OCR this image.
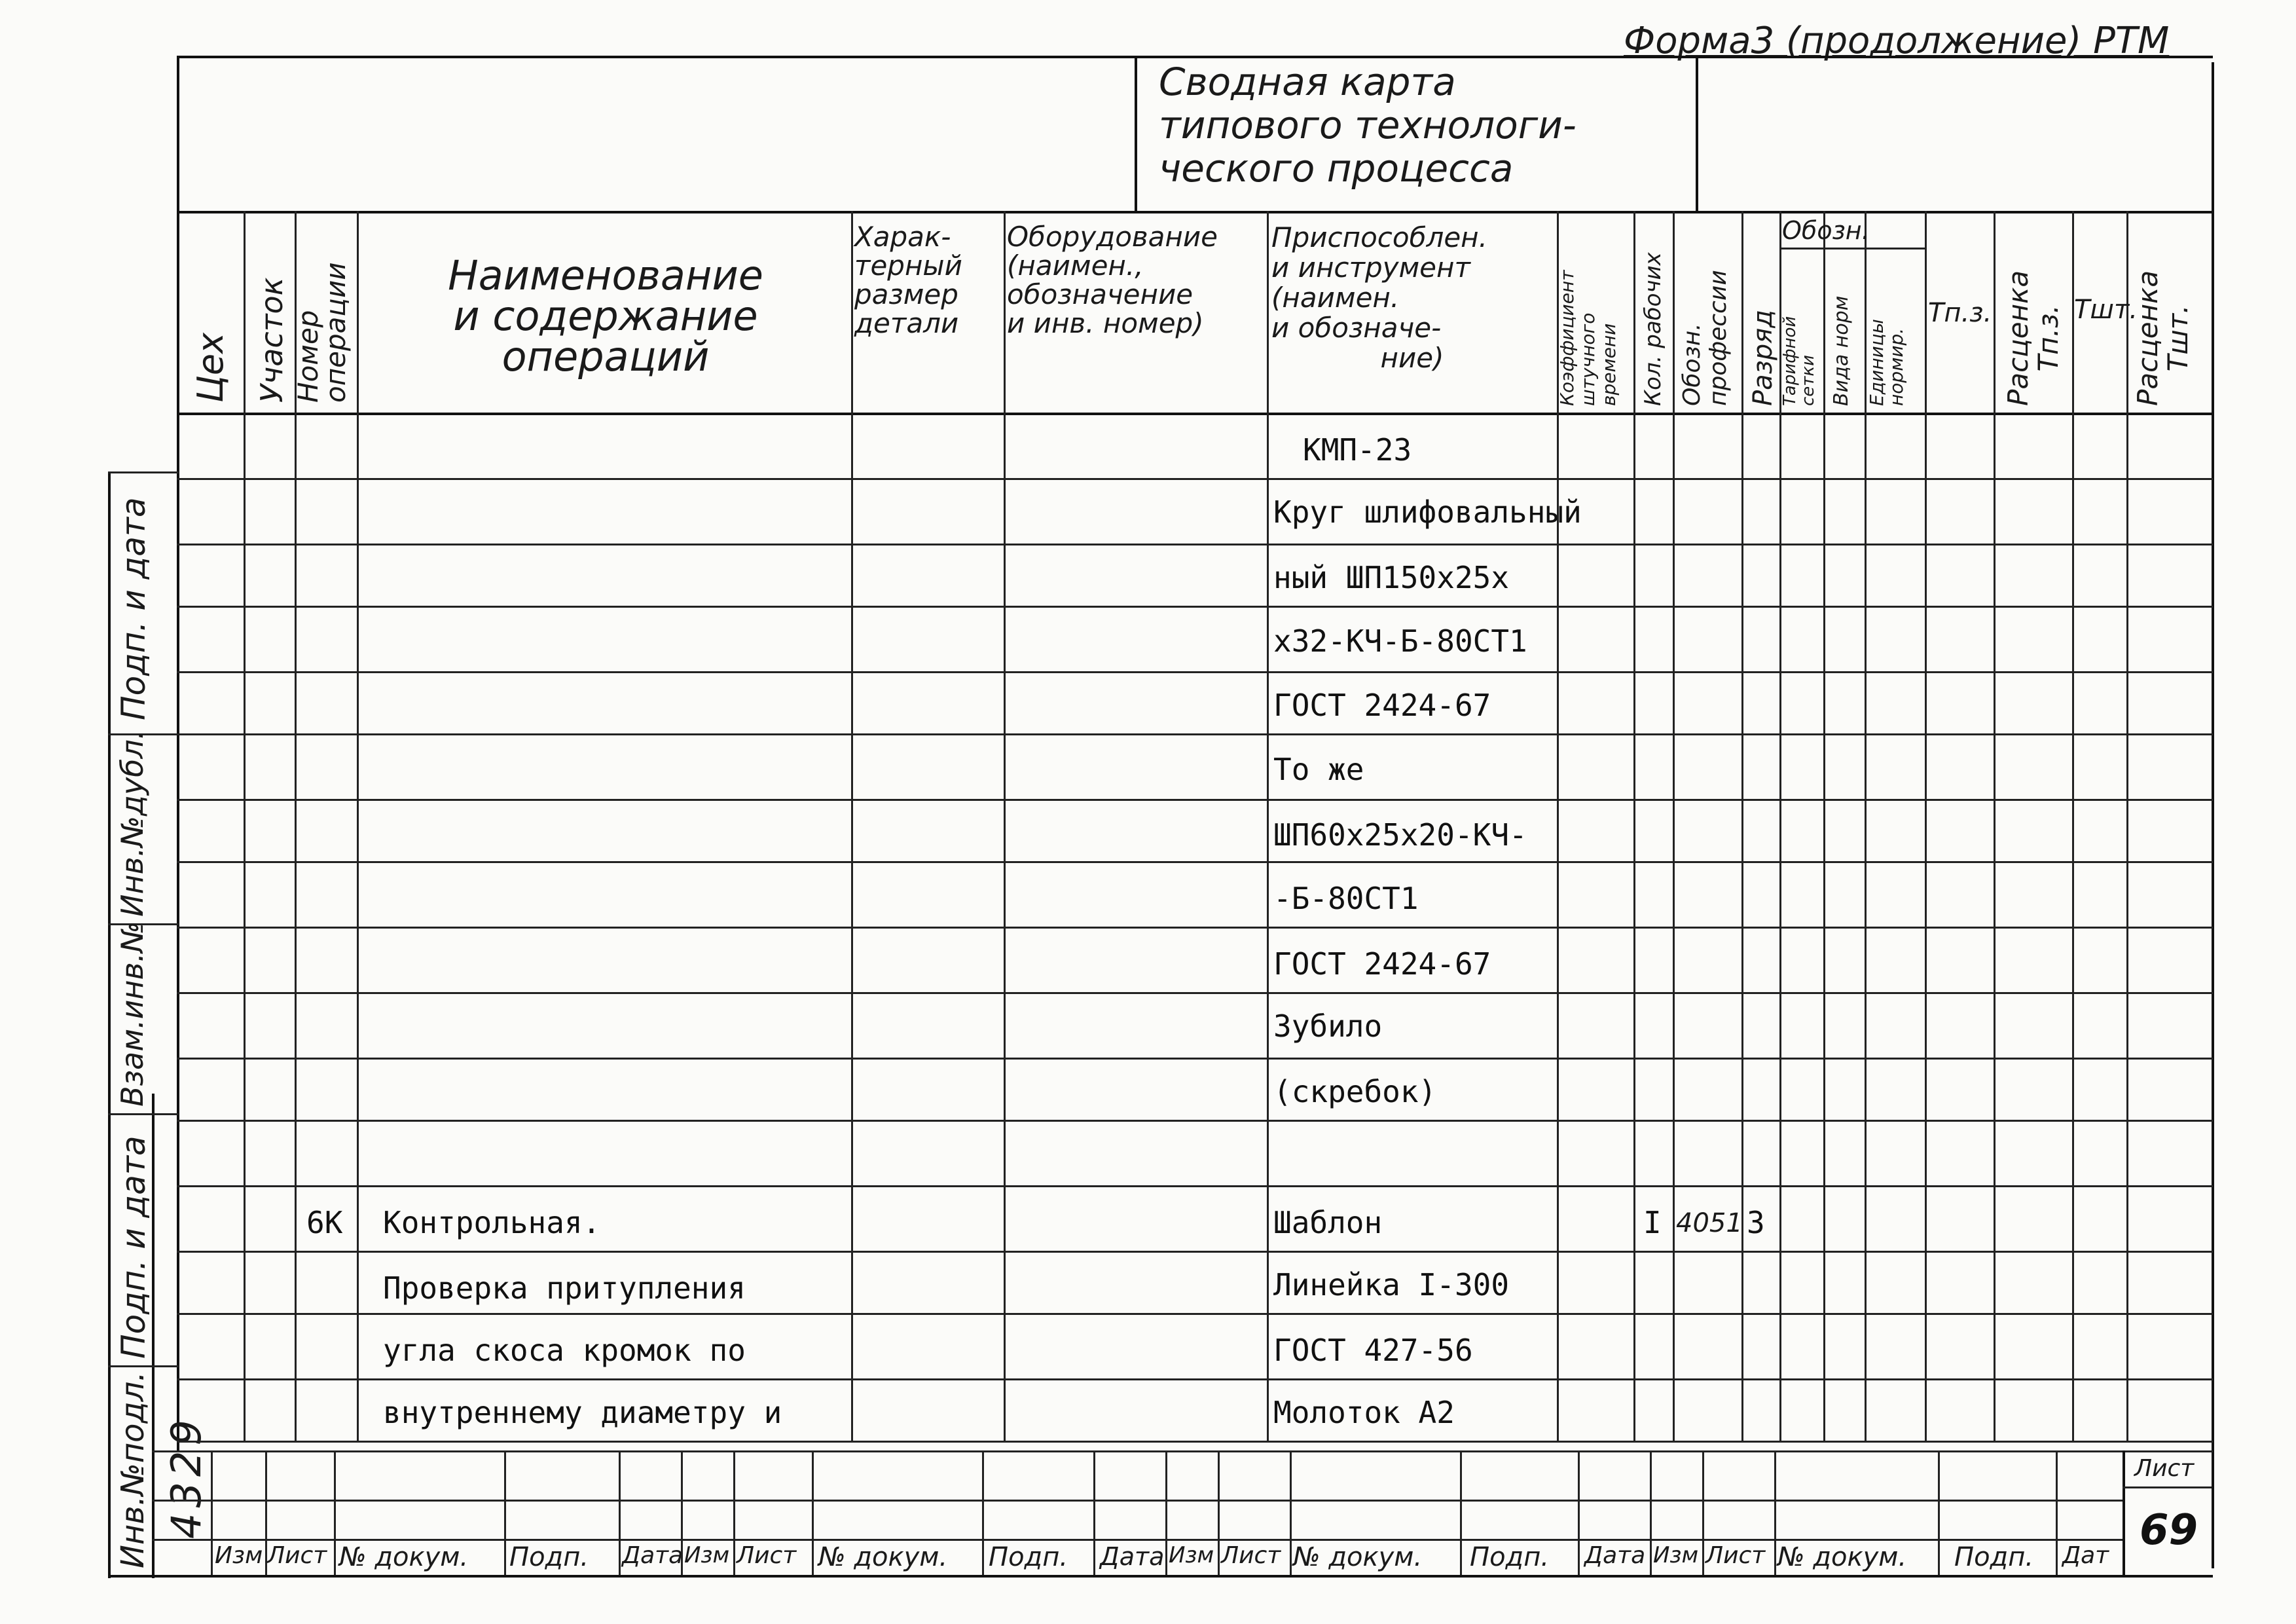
Форма3 (продолжение) РТМ
Сводная карта
типового технологи-
ческого процесса
Подп. и дата
Инв.№дубл.
Взам.инв.№
Подп. и дата
Инв.№подл. 4329
Цех Участок Номер
операции	Наименование
и содержание
операций
Харак-
терный
размер
детали
Оборудование
(наимен.,
обозначение
и инв. номер)
Приспособлен.
и инструмент
(наимен.
и обозначе-
ние)	Коэффициент штучного времени Кол. рабочих Обозн. профессии Разряд
Обозн.
Тарифной
сетки Вида норм Единицы
нормир.
Тп.з. Расценка
Тп.з. Тшт.
Расценка
Тшт.
КМП-23
Круг шлифовальный
ный ШП150х25х
х32-КЧ-Б-80СТ1
ГОСТ 2424-67
То же
ШП60х25х20-КЧ-
-Б-80СТ1
ГОСТ 2424-67
Зубило
(скребок)
Шаблон
Линейка I-300
ГОСТ 427-56
Молоток А2
6К Контрольная.
Проверка притупления
угла скоса кромок по
внутреннему диаметру и
I 4051 3
Лист
69
Изм Лист № докум. Подп. Дата Изм Лист № докум. Подп. Дата Изм Лист № докум. Подп. Дата Изм Лист № докум. Подп. Дат
